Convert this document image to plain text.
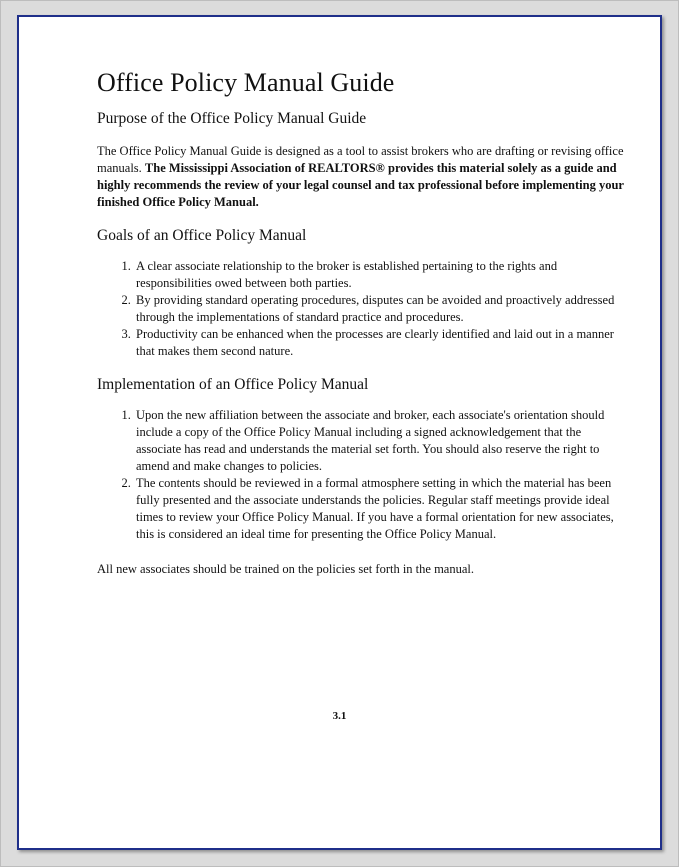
Office Policy Manual Guide
Purpose of the Office Policy Manual Guide

The Office Policy Manual Guide is designed as a tool to assist brokers who are drafting or revising office manuals. The Mississippi Association of REALTORS® provides this material solely as a guide and highly recommends the review of your legal counsel and tax professional before implementing your finished Office Policy Manual.

Goals of an Office Policy Manual
1. A clear associate relationship to the broker is established pertaining to the rights and responsibilities owed between both parties.
2. By providing standard operating procedures, disputes can be avoided and proactively addressed through the implementations of standard practice and procedures.
3. Productivity can be enhanced when the processes are clearly identified and laid out in a manner that makes them second nature.
Implementation of an Office Policy Manual
1. Upon the new affiliation between the associate and broker, each associate's orientation should include a copy of the Office Policy Manual including a signed acknowledgement that the associate has read and understands the material set forth. You should also reserve the right to amend and make changes to policies.
2. The contents should be reviewed in a formal atmosphere setting in which the material has been fully presented and the associate understands the policies. Regular staff meetings provide ideal times to review your Office Policy Manual. If you have a formal orientation for new associates, this is considered an ideal time for presenting the Office Policy Manual.

All new associates should be trained on the policies set forth in the manual.

3.1
